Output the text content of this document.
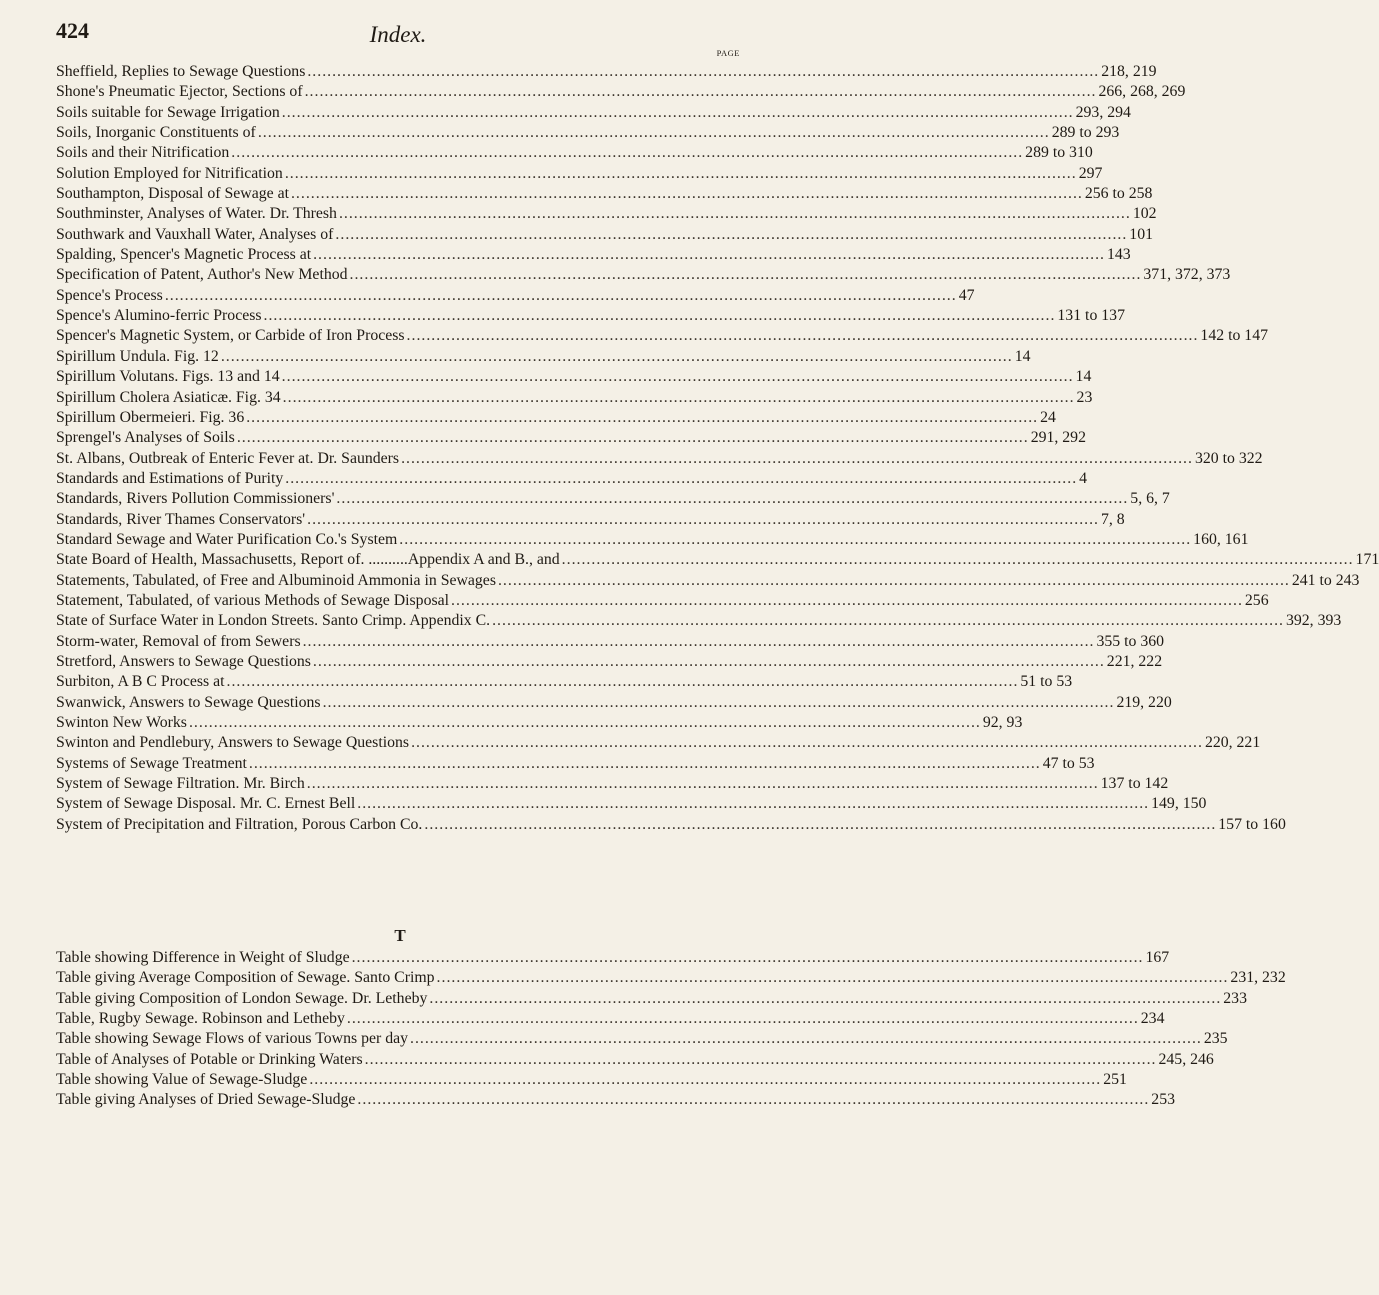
424	Index.
PAGE
Sheffield, Replies to Sewage Questions .....	218, 219
Shone's Pneumatic Ejector, Sections of .....	266, 268, 269
Soils suitable for Sewage Irrigation .....	293, 294
Soils, Inorganic Constituents of .....	289 to 293
Soils and their Nitrification .....	289 to 310
Solution Employed for Nitrification .....	297
Southampton, Disposal of Sewage at .....	256 to 258
Southminster, Analyses of Water. Dr. Thresh .....	102
Southwark and Vauxhall Water, Analyses of .....	101
Spalding, Spencer's Magnetic Process at .....	143
Specification of Patent, Author's New Method .....	371, 372, 373
Spence's Process .....	47
Spence's Alumino-ferric Process .....	131 to 137
Spencer's Magnetic System, or Carbide of Iron Process .....	142 to 147
Spirillum Undula. Fig. 12 .....	14
Spirillum Volutans. Figs. 13 and 14 .....	14
Spirillum Cholera Asiaticæ. Fig. 34 .....	23
Spirillum Obermeieri. Fig. 36 .....	24
Sprengel's Analyses of Soils .....	291, 292
St. Albans, Outbreak of Enteric Fever at. Dr. Saunders .....	320 to 322
Standards and Estimations of Purity .....	4
Standards, Rivers Pollution Commissioners' .....	5, 6, 7
Standards, River Thames Conservators' .....	7, 8
Standard Sewage and Water Purification Co.'s System .....	160, 161
State Board of Health, Massachusetts, Report of. ..........Appendix A and B., and .....	171
Statements, Tabulated, of Free and Albuminoid Ammonia in Sewages .....	241 to 243
Statement, Tabulated, of various Methods of Sewage Disposal .....	256
State of Surface Water in London Streets. Santo Crimp. Appendix C. .....	392, 393
Storm-water, Removal of from Sewers .....	355 to 360
Stretford, Answers to Sewage Questions .....	221, 222
Surbiton, A B C Process at .....	51 to 53
Swanwick, Answers to Sewage Questions .....	219, 220
Swinton New Works .....	92, 93
Swinton and Pendlebury, Answers to Sewage Questions .....	220, 221
Systems of Sewage Treatment .....	47 to 53
System of Sewage Filtration. Mr. Birch .....	137 to 142
System of Sewage Disposal. Mr. C. Ernest Bell .....	149, 150
System of Precipitation and Filtration, Porous Carbon Co. .....	157 to 160
T
Table showing Difference in Weight of Sludge .....	167
Table giving Average Composition of Sewage. Santo Crimp .....	231, 232
Table giving Composition of London Sewage. Dr. Letheby .....	233
Table, Rugby Sewage. Robinson and Letheby .....	234
Table showing Sewage Flows of various Towns per day .....	235
Table of Analyses of Potable or Drinking Waters .....	245, 246
Table showing Value of Sewage-Sludge .....	251
Table giving Analyses of Dried Sewage-Sludge .....	253
